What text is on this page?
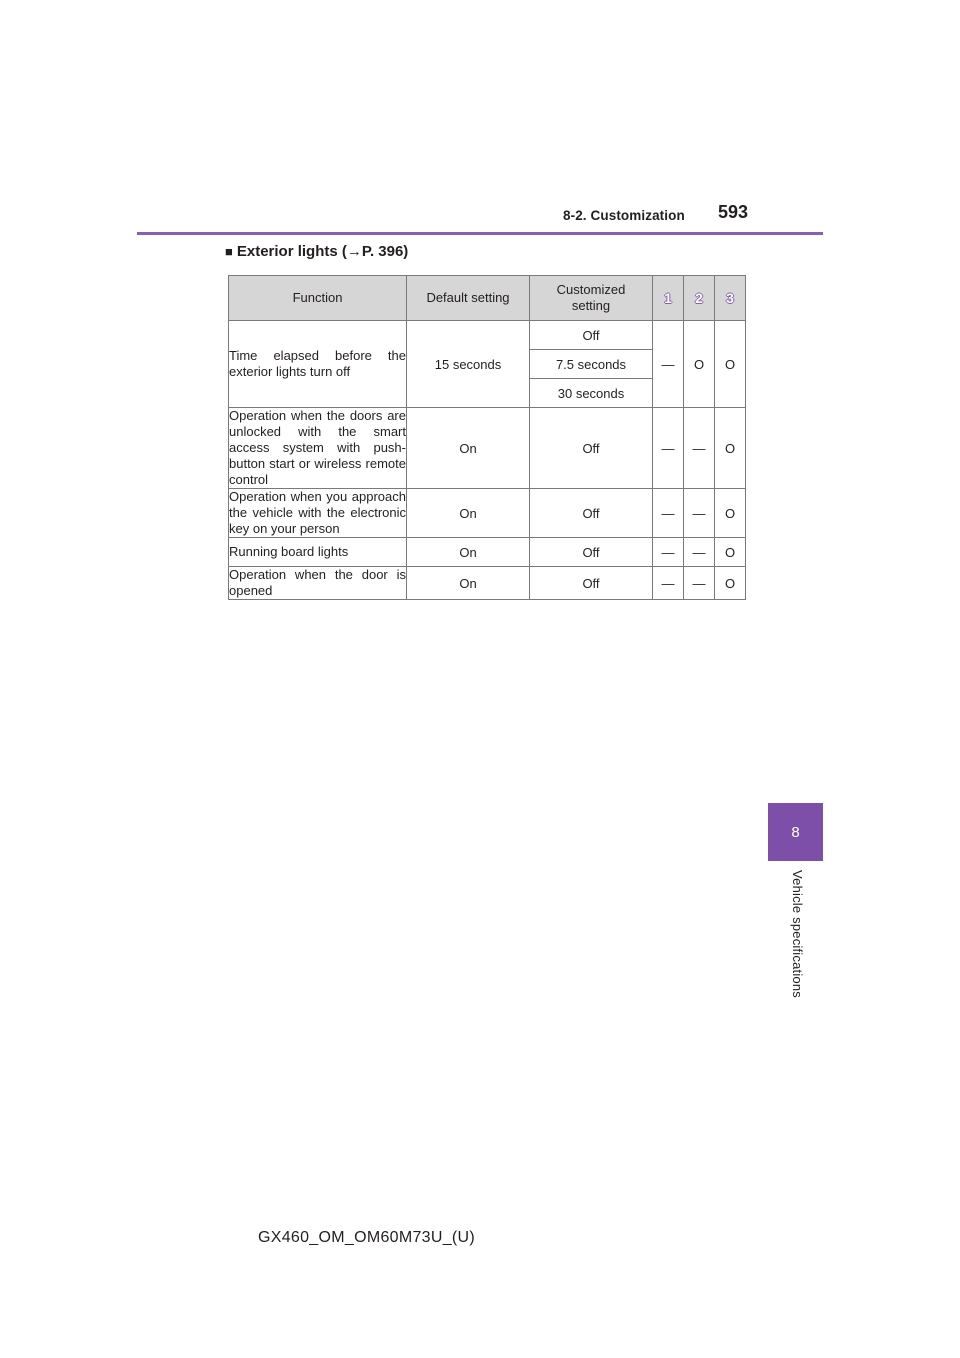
8-2. Customization 593
■ Exterior lights (→P. 396)
Function	Default setting	Customized setting	1	2	3
Time elapsed before the exterior lights turn off	15 seconds	Off	—	O	O
		7.5 seconds			
		30 seconds			
Operation when the doors are unlocked with the smart access system with push-button start or wireless remote control	On	Off	—	—	O
Operation when you approach the vehicle with the electronic key on your person	On	Off	—	—	O
Running board lights	On	Off	—	—	O
Operation when the door is opened	On	Off	—	—	O
8
Vehicle specifications
GX460_OM_OM60M73U_(U)
